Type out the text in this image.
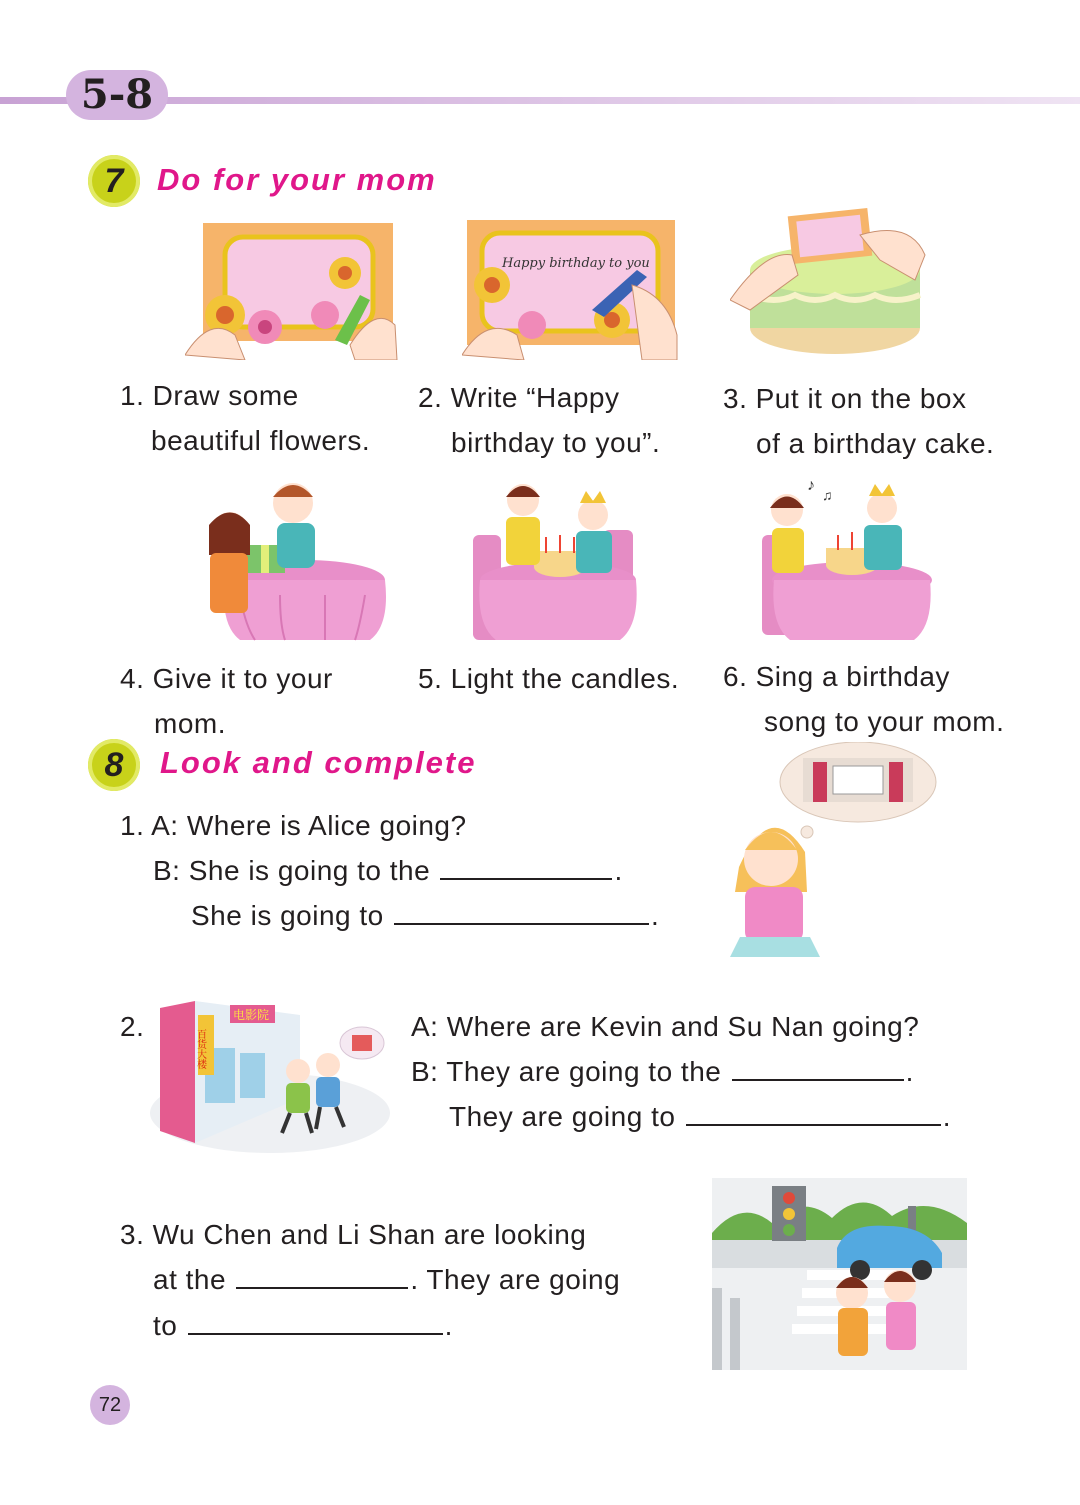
5-8
7	Do for your mom
Happy birthday to you
1. Draw some
beautiful flowers.
2. Write “Happy
birthday to you”.
3. Put it on the box
of a birthday cake.
♪
♫
4. Give it to your
mom.
5. Light the candles. 6. Sing a birthday
song to your mom.
8	Look and complete
1. A: Where is Alice going?
B: She is going to the	.
She is going to	.
2.	电影院
百货大楼
A: Where are Kevin and Su Nan going?
B: They are going to the	.
They are going to	.
3. Wu Chen and Li Shan are looking
at the	. They are going
to	.
72
